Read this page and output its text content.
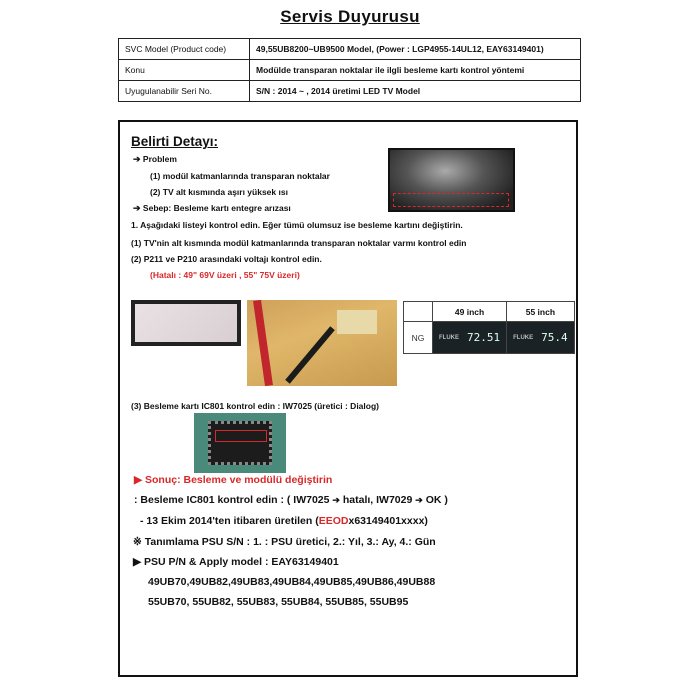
Servis Duyurusu
SVC Model (Product code)	49,55UB8200~UB9500 Model, (Power : LGP4955-14UL12, EAY63149401)
Konu	Modülde transparan noktalar ile ilgli besleme kartı kontrol yöntemi
Uyugulanabilir Seri No.	S/N : 2014 ~ , 2014 üretimi LED TV Model
Belirti Detayı:
➔ Problem
(1) modül katmanlarında transparan noktalar
(2) TV alt kısmında aşırı yüksek ısı
➔ Sebep: Besleme kartı entegre arızası
1. Aşağıdaki listeyi kontrol edin. Eğer tümü olumsuz ise besleme kartını değiştirin.
(1) TV'nin alt kısmında modül katmanlarında transparan noktalar varmı kontrol edin
(2) P211 ve P210 arasındaki voltajı kontrol edin.
(Hatalı : 49" 69V üzeri , 55" 75V üzeri)
	49 inch	55 inch
NG	FLUKE 72.51	FLUKE 75.4
(3) Besleme kartı IC801 kontrol edin : IW7025 (üretici : Dialog)
▶ Sonuç: Besleme ve modülü değiştirin
: Besleme IC801 kontrol edin : ( IW7025 ➔ hatalı, IW7029 ➔ OK )
- 13 Ekim 2014'ten itibaren üretilen (EEODx63149401xxxx)
※ Tanımlama PSU S/N : 1. : PSU üretici, 2.: Yıl, 3.: Ay, 4.: Gün
▶ PSU P/N & Apply model : EAY63149401
49UB70,49UB82,49UB83,49UB84,49UB85,49UB86,49UB88
55UB70, 55UB82, 55UB83, 55UB84, 55UB85, 55UB95
